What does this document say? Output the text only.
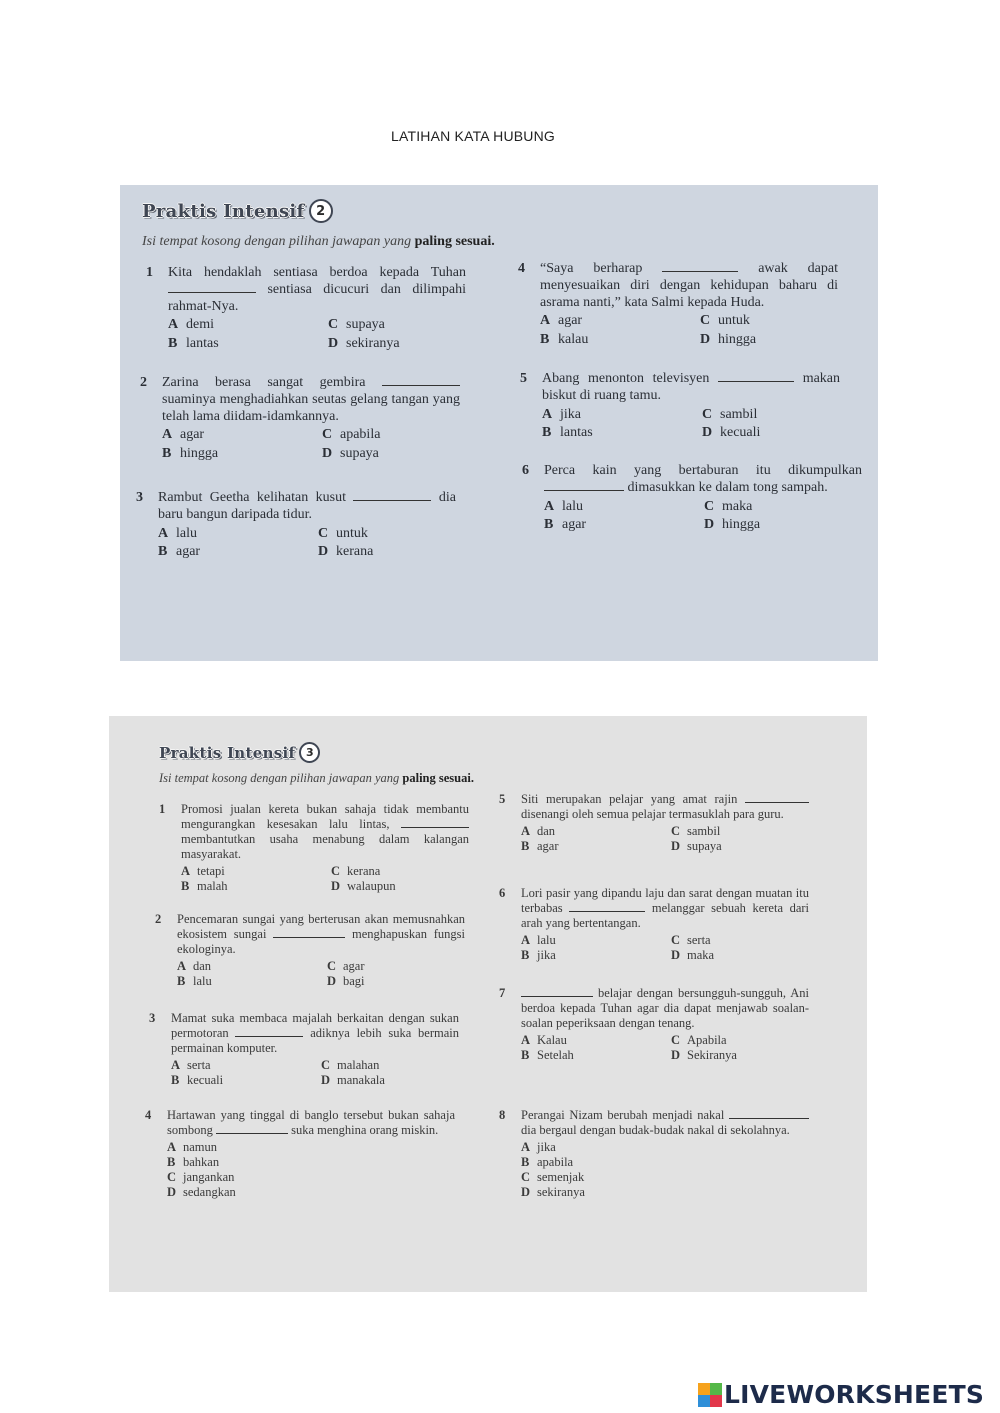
LATIHAN KATA HUBUNG
Praktis Intensif 2
Isi tempat kosong dengan pilihan jawapan yang paling sesuai.
1	Kita hendaklah sentiasa berdoa kepada Tuhan  sentiasa dicucuri dan dilimpahi rahmat-Nya.
A demi	C supaya
B lantas	D sekiranya
2	Zarina berasa sangat gembira  suaminya menghadiahkan seutas gelang tangan yang telah lama diidam-idamkannya.
A agar	C apabila
B hingga	D supaya
3	Rambut Geetha kelihatan kusut	dia baru bangun daripada tidur.
A lalu	C untuk
B agar	D kerana
4	“Saya berharap	awak dapat menyesuaikan diri dengan kehidupan baharu di asrama nanti,” kata Salmi kepada Huda.
A agar	C untuk
B kalau	D hingga
5	Abang menonton televisyen	makan biskut di ruang tamu.
A jika	C sambil
B lantas	D kecuali
6	Perca kain yang bertaburan itu dikumpulkan  dimasukkan ke dalam tong sampah.
A lalu	C maka
B agar	D hingga
Praktis Intensif 3
Isi tempat kosong dengan pilihan jawapan yang paling sesuai.
1	Promosi jualan kereta bukan sahaja tidak membantu mengurangkan kesesakan lalu lintas,  membantutkan usaha menabung dalam kalangan masyarakat.
A tetapi	C kerana
B malah	D walaupun
2	Pencemaran sungai yang berterusan akan memusnahkan ekosistem sungai	menghapuskan fungsi ekologinya.
A dan	C agar
B lalu	D bagi
3	Mamat suka membaca majalah berkaitan dengan sukan permotoran	adiknya lebih suka bermain permainan komputer.
A serta	C malahan
B kecuali	D manakala
4	Hartawan yang tinggal di banglo tersebut bukan sahaja sombong	suka menghina orang miskin.
A namun
B bahkan
C jangankan
D sedangkan
5	Siti merupakan pelajar yang amat rajin  disenangi oleh semua pelajar termasuklah para guru.
A dan	C sambil
B agar	D supaya
6	Lori pasir yang dipandu laju dan sarat dengan muatan itu terbabas	melanggar sebuah kereta dari arah yang bertentangan.
A lalu	C serta
B jika	D maka
7	belajar dengan bersungguh-sungguh, Ani berdoa kepada Tuhan agar dia dapat menjawab soalan-soalan peperiksaan dengan tenang.
A Kalau	C Apabila
B Setelah	D Sekiranya
8	Perangai Nizam berubah menjadi nakal  dia bergaul dengan budak-budak nakal di sekolahnya.
A jika
B apabila
C semenjak
D sekiranya
LIVEWORKSHEETS
